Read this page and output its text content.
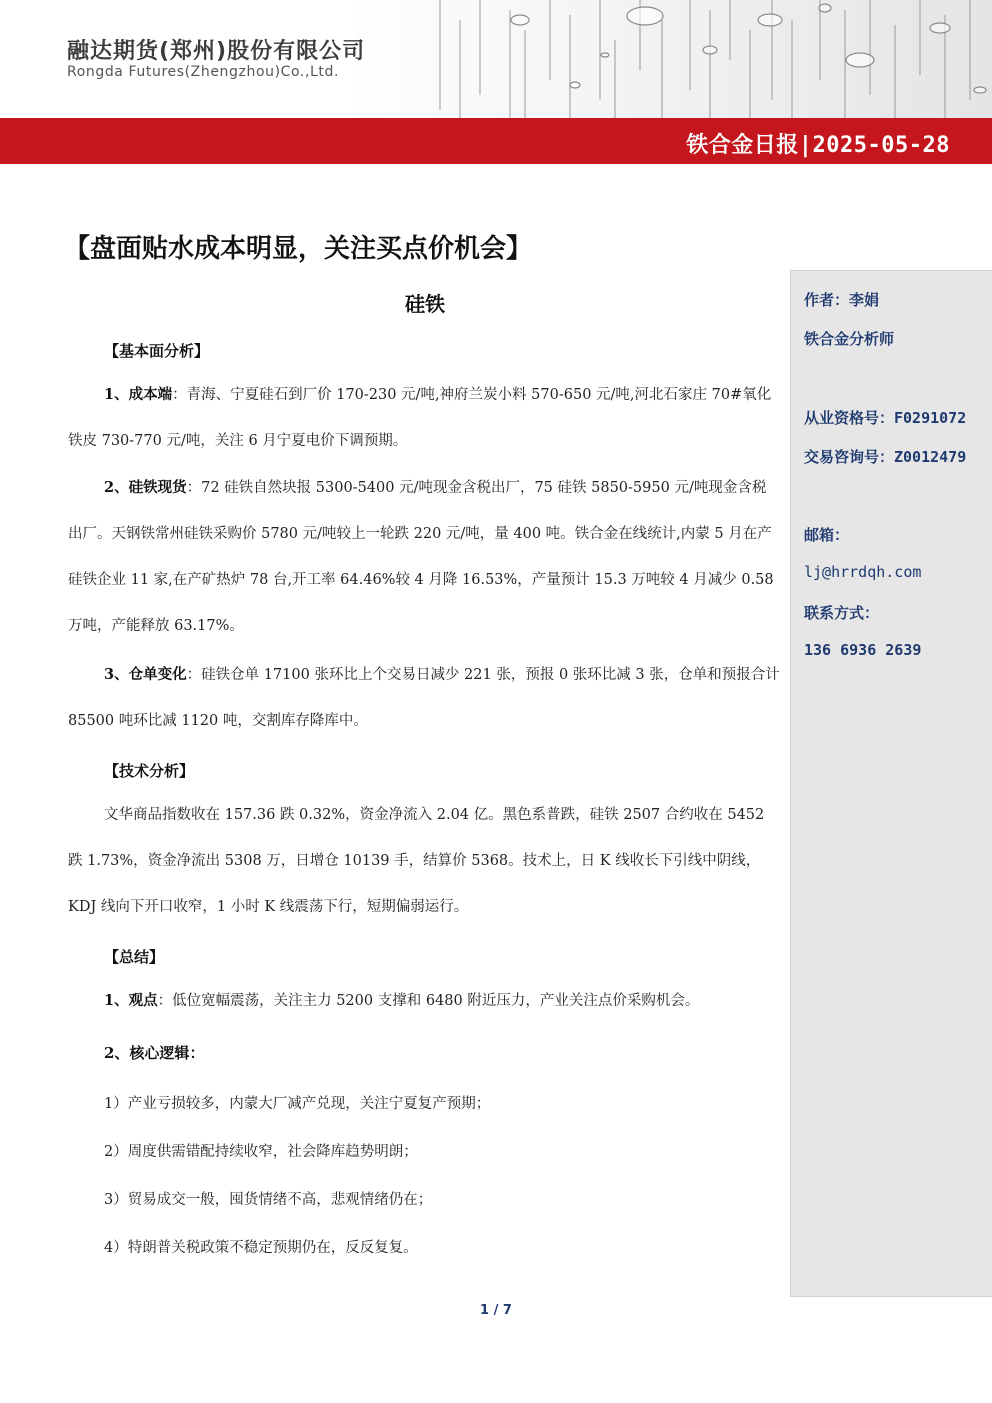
融达期货(郑州)股份有限公司
Rongda Futures(Zhengzhou)Co.,Ltd.
铁合金日报|2025-05-28
【盘面贴水成本明显，关注买点价机会】
硅铁	作者：李娟
铁合金分析师
从业资格号：F0291072
交易咨询号：Z0012479
邮箱：
lj@hrrdqh.com
联系方式：
136 6936 2639
【基本面分析】
1、成本端：青海、宁夏硅石到厂价 170-230 元/吨,神府兰炭小料 570-650 元/吨,河北石家庄 70#氧化铁皮 730-770 元/吨，关注 6 月宁夏电价下调预期。
2、硅铁现货：72 硅铁自然块报 5300-5400 元/吨现金含税出厂，75 硅铁 5850-5950 元/吨现金含税出厂。天钢铁常州硅铁采购价 5780 元/吨较上一轮跌 220 元/吨，量 400 吨。铁合金在线统计,内蒙 5 月在产硅铁企业 11 家,在产矿热炉 78 台,开工率 64.46%较 4 月降 16.53%，产量预计 15.3 万吨较 4 月减少 0.58 万吨，产能释放 63.17%。
3、仓单变化：硅铁仓单 17100 张环比上个交易日减少 221 张，预报 0 张环比减 3 张，仓单和预报合计 85500 吨环比减 1120 吨，交割库存降库中。
【技术分析】
文华商品指数收在 157.36 跌 0.32%，资金净流入 2.04 亿。黑色系普跌，硅铁 2507 合约收在 5452 跌 1.73%，资金净流出 5308 万，日增仓 10139 手，结算价 5368。技术上，日 K 线收长下引线中阴线，KDJ 线向下开口收窄，1 小时 K 线震荡下行，短期偏弱运行。
【总结】
1、观点：低位宽幅震荡，关注主力 5200 支撑和 6480 附近压力，产业关注点价采购机会。
2、核心逻辑：
1）产业亏损较多，内蒙大厂减产兑现，关注宁夏复产预期；
2）周度供需错配持续收窄，社会降库趋势明朗；
3）贸易成交一般，囤货情绪不高，悲观情绪仍在；
4）特朗普关税政策不稳定预期仍在，反反复复。
1 / 7
